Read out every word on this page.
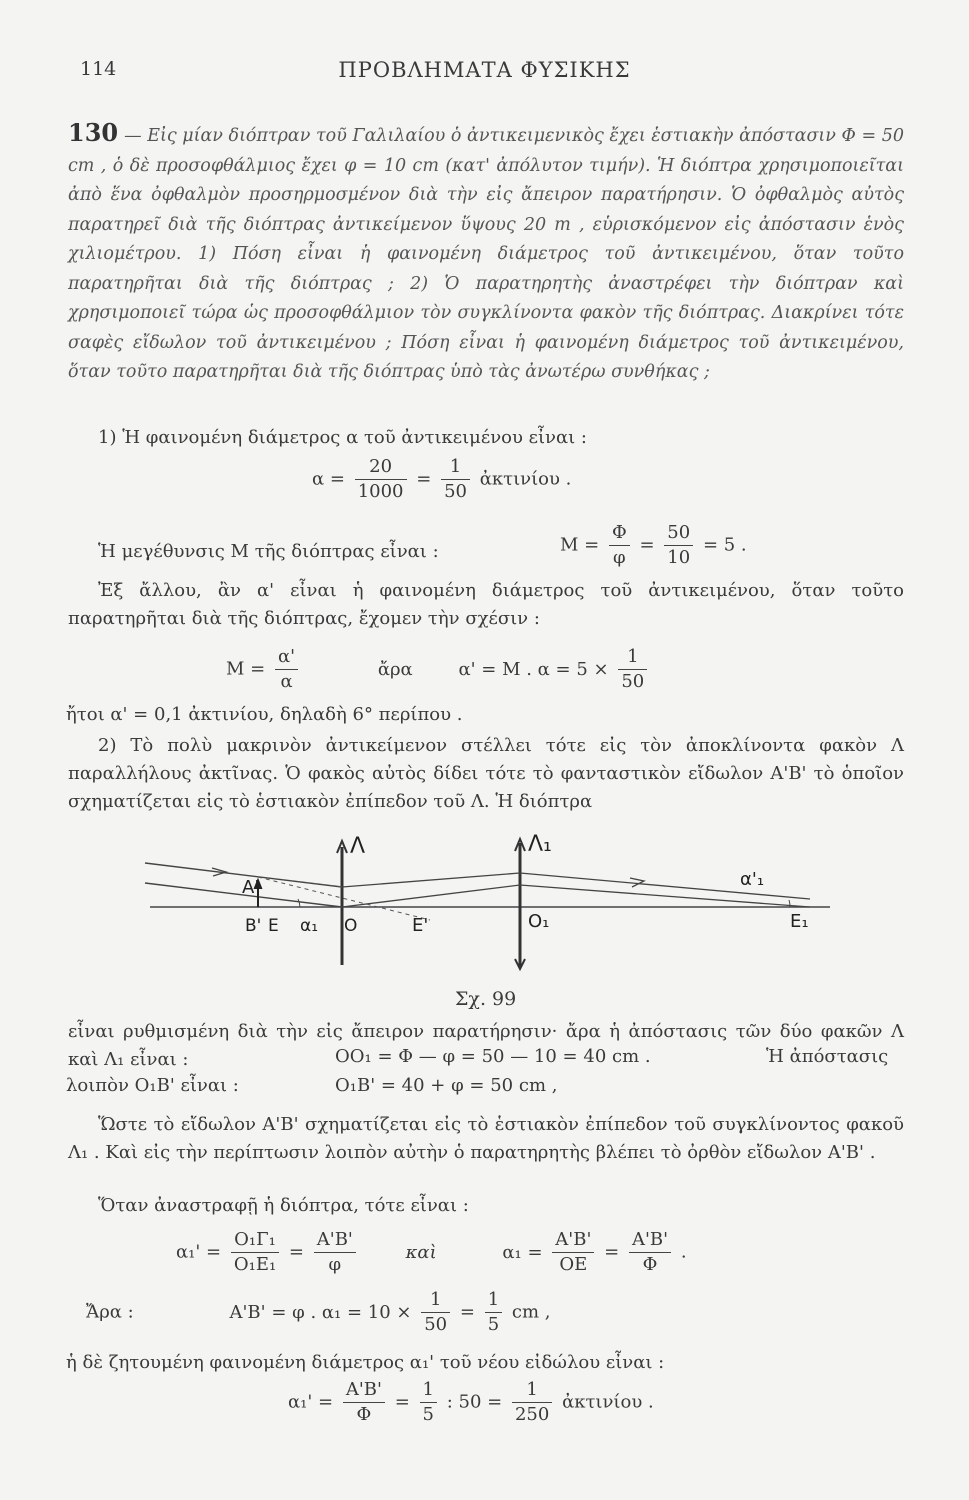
114	ΠΡΟΒΛΗΜΑΤΑ ΦΥΣΙΚΗΣ
130 — Εἰς μίαν διόπτραν τοῦ Γαλιλαίου ὁ ἀντικειμενικὸς ἔχει ἑστιακὴν ἀπόστασιν Φ = 50 cm , ὁ δὲ προσοφθάλμιος ἔχει φ = 10 cm (κατ' ἀπόλυτον τιμήν). Ἡ διόπτρα χρησιμοποιεῖται ἀπὸ ἕνα ὀφθαλμὸν προσηρμοσμένον διὰ τὴν εἰς ἄπειρον παρατήρησιν. Ὁ ὀφθαλμὸς αὐτὸς παρατηρεῖ διὰ τῆς διόπτρας ἀντικείμενον ὕψους 20 m , εὑρισκόμενον εἰς ἀπόστασιν ἑνὸς χιλιομέτρου. 1) Πόση εἶναι ἡ φαινομένη διάμετρος τοῦ ἀντικειμένου, ὅταν τοῦτο παρατηρῆται διὰ τῆς διόπτρας ; 2) Ὁ παρατηρητὴς ἀναστρέφει τὴν διόπτραν καὶ χρησιμοποιεῖ τώρα ὡς προσοφθάλμιον τὸν συγκλίνοντα φακὸν τῆς διόπτρας. Διακρίνει τότε σαφὲς εἴδωλον τοῦ ἀντικειμένου ; Πόση εἶναι ἡ φαινομένη διάμετρος τοῦ ἀντικειμένου, ὅταν τοῦτο παρατηρῆται διὰ τῆς διόπτρας ὑπὸ τὰς ἀνωτέρω συνθήκας ;
1) Ἡ φαινομένη διάμετρος α τοῦ ἀντικειμένου εἶναι :
$\alpha = \frac{20}{1000} = \frac{1}{50}$ ἀκτινίου .
Ἡ μεγέθυνσις Μ τῆς διόπτρας εἶναι :	$M = \frac{\Phi}{\varphi} = \frac{50}{10} = 5$ .
Ἐξ ἄλλου, ἂν α' εἶναι ἡ φαινομένη διάμετρος τοῦ ἀντικειμένου, ὅταν τοῦτο παρατηρῆται διὰ τῆς διόπτρας, ἔχομεν τὴν σχέσιν :
$M = \frac{\alpha'}{\alpha}$	ἄρα	α' = Μ . $\alpha = 5 \times \frac{1}{50}$
ἤτοι α' = 0,1 ἀκτινίου, δηλαδὴ 6° περίπου .
2) Τὸ πολὺ μακρινὸν ἀντικείμενον στέλλει τότε εἰς τὸν ἀποκλίνοντα φακὸν Λ παραλλήλους ἀκτῖνας. Ὁ φακὸς αὐτὸς δίδει τότε τὸ φανταστικὸν εἴδωλον Α'Β' τὸ ὁποῖον σχηματίζεται εἰς τὸ ἑστιακὸν ἐπίπεδον τοῦ Λ. Ἡ διόπτρα
Λ	Λ₁
A'
B' E α₁ O	E'	O₁
α'₁
E₁
Σχ. 99
εἶναι ρυθμισμένη διὰ τὴν εἰς ἄπειρον παρατήρησιν· ἄρα ἡ ἀπόστασις τῶν δύο φακῶν Λ καὶ Λ₁ εἶναι :	ΟΟ₁ = Φ — φ = 50 — 10 = 40 cm .	Ἡ ἀπόστασις
λοιπὸν Ο₁Β' εἶναι :	Ο₁Β' = 40 + φ = 50 cm ,
Ὥστε τὸ εἴδωλον Α'Β' σχηματίζεται εἰς τὸ ἑστιακὸν ἐπίπεδον τοῦ συγκλίνοντος φακοῦ Λ₁ . Καὶ εἰς τὴν περίπτωσιν λοιπὸν αὐτὴν ὁ παρατηρητὴς βλέπει τὸ ὀρθὸν εἴδωλον Α'Β' .
Ὅταν ἀναστραφῇ ἡ διόπτρα, τότε εἶναι :
$\alpha_1' = \frac{\text{Ο₁Γ₁}}{\text{Ο₁Ε₁}} = \frac{A'B'}{\varphi}$	καὶ	$\alpha_1 = \frac{A'B'}{OE} = \frac{A'B'}{\Phi}$ .
Ἄρα :	Α'Β' = φ . $\alpha_1 = 10 \times \frac{1}{50} = \frac{1}{5}$ cm ,
ἡ δὲ ζητουμένη φαινομένη διάμετρος α₁' τοῦ νέου εἰδώλου εἶναι :
$\alpha_1' = \frac{A'B'}{\Phi} = \frac{1}{5}$ : $50 = \frac{1}{250}$ ἀκτινίου .
